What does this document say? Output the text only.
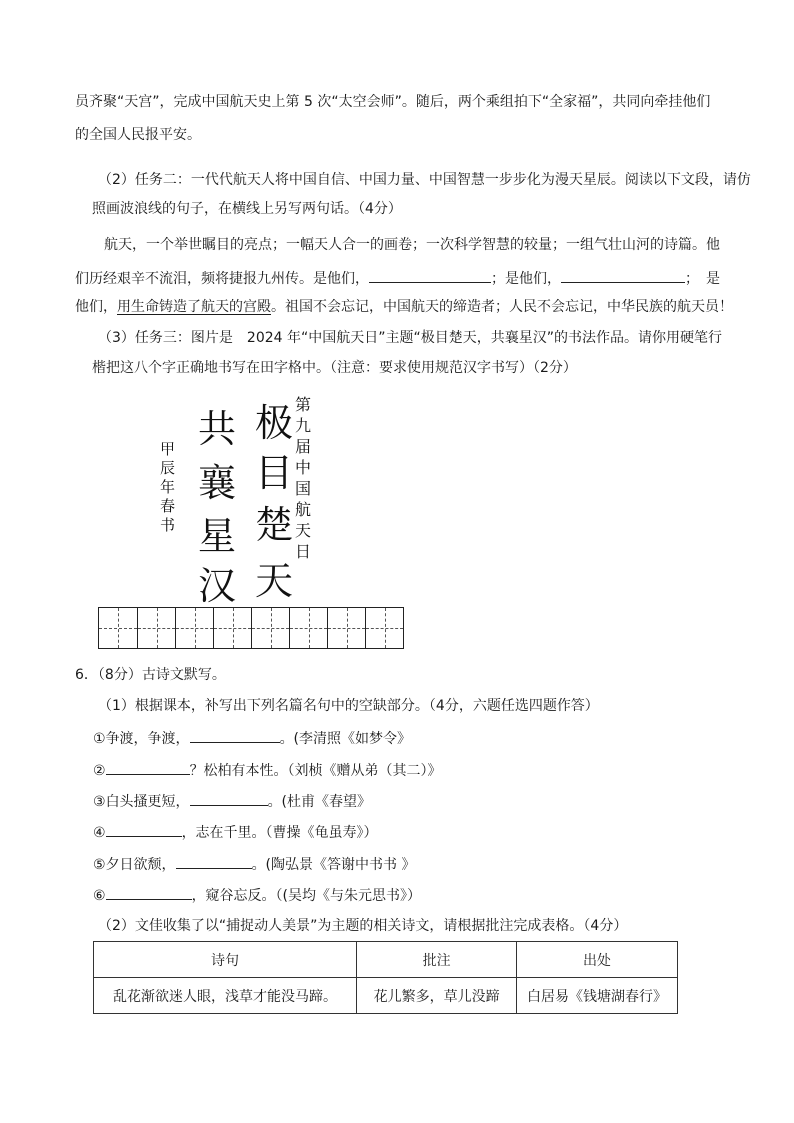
员齐聚“天宫”，完成中国航天史上第 5 次“太空会师”。随后，两个乘组拍下“全家福”，共同向牵挂他们
的全国人民报平安。
（2）任务二：一代代航天人将中国自信、中国力量、中国智慧一步步化为漫天星辰。阅读以下文段，请仿
照画波浪线的句子，在横线上另写两句话。（4分）
航天，一个举世瞩目的亮点；一幅天人合一的画卷；一次科学智慧的较量；一组气壮山河的诗篇。他
们历经艰辛不流泪，频将捷报九州传。是他们，	；是他们，	；　是
他们，用生命铸造了航天的宫殿。祖国不会忘记，中国航天的缔造者；人民不会忘记，中华民族的航天员！
（3）任务三：图片是　2024 年“中国航天日”主题“极目楚天，共襄星汉”的书法作品。请你用硬笔行
楷把这八个字正确地书写在田字格中。（注意：要求使用规范汉字书写）（2分）
极
目
楚
天
共
襄
星
汉
第九届中国航天日
甲辰年春书
6．（8分）古诗文默写。
（1）根据课本，补写出下列名篇名句中的空缺部分。（4分，六题任选四题作答）
①争渡，争渡，	。(李清照《如梦令》
②	？松柏有本性。（刘桢《赠从弟（其二）》
③白头搔更短，	。(杜甫《春望》
④	，志在千里。（曹操《龟虽寿》）
⑤夕日欲颓，	。(陶弘景《答谢中书书 》
⑥	，窥谷忘反。（(吴均《与朱元思书》）
（2）文佳收集了以“捕捉动人美景”为主题的相关诗文，请根据批注完成表格。（4分）
诗句	批注	出处
乱花渐欲迷人眼，浅草才能没马蹄。	花儿繁多，草儿没蹄	白居易《钱塘湖春行》
